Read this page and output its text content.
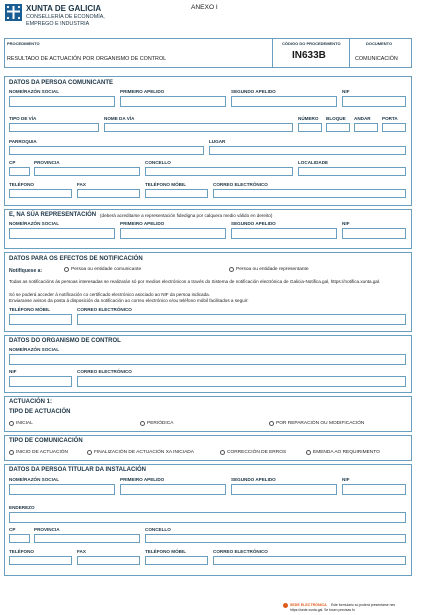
XUNTA DE GALICIA
CONSELLERÍA DE ECONOMÍA,
EMPREGO E INDUSTRIA
ANEXO I
PROCEDIMENTO
RESULTADO DE ACTUACIÓN POR ORGANISMO DE CONTROL
CÓDIGO DO PROCEDEMENTO
IN633B
DOCUMENTO
COMUNICACIÓN
DATOS DA PERSOA COMUNICANTE
NOME/RAZÓN SOCIAL	PRIMEIRO APELIDO	SEGUNDO APELIDO	NIF
TIPO DE VÍA	NOME DA VÍA	NÚMERO BLOQUE ANDAR PORTA
PARROQUIA	LUGAR
CP	PROVINCIA	CONCELLO	LOCALIDADE
TELÉFONO	FAX	TELÉFONO MÓBIL	CORREO ELECTRÓNICO
E, NA SÚA REPRESENTACIÓN (deberá acreditarse a representación fidedigna por calquera medio válido en dereito)
NOME/RAZÓN SOCIAL	PRIMEIRO APELIDO	SEGUNDO APELIDO	NIF
DATOS PARA OS EFECTOS DE NOTIFICACIÓN
Notifíquese a:	Persoa ou entidade comunicante	Persoa ou entidade representante
Todas as notificacións ás persoas interesadas se realizarán só por medios electrónicos a través do Sistema de notificación electrónica de Galicia-Notifica.gal, https://notifica.xunta.gal.
Só se poderá acceder á notificación co certificado electrónico asociado ao NIF da persoa indicada.
Enviaranse avisos da posta á disposición da notificación ao correo electrónico e/ou teléfono móbil facilitados a seguir:
TELÉFONO MÓBIL	CORREO ELECTRÓNICO
DATOS DO ORGANISMO DE CONTROL
NOME/RAZÓN SOCIAL
NIF	CORREO ELECTRÓNICO
ACTUACIÓN 1:
TIPO DE ACTUACIÓN
INICIAL	PERIÓDICA	POR REPARACIÓN OU MODIFICACIÓN
TIPO DE COMUNICACIÓN
INICIO DE ACTUACIÓN	FINALIZACIÓN DE ACTUACIÓN XA INICIADA	CORRECCIÓN DE ERROS	EMENDA AO REQUIRIMENTO
DATOS DA PERSOA TITULAR DA INSTALACIÓN
NOME/RAZÓN SOCIAL	PRIMEIRO APELIDO	SEGUNDO APELIDO	NIF
ENDEREZO
CP	PROVINCIA	CONCELLO
TELÉFONO	FAX	TELÉFONO MÓBIL	CORREO ELECTRÓNICO
SEDE ELECTRÓNICA Este formulario só poderá presentarse nes
https://sede.xunta.gal. Se fosen precisas fo
